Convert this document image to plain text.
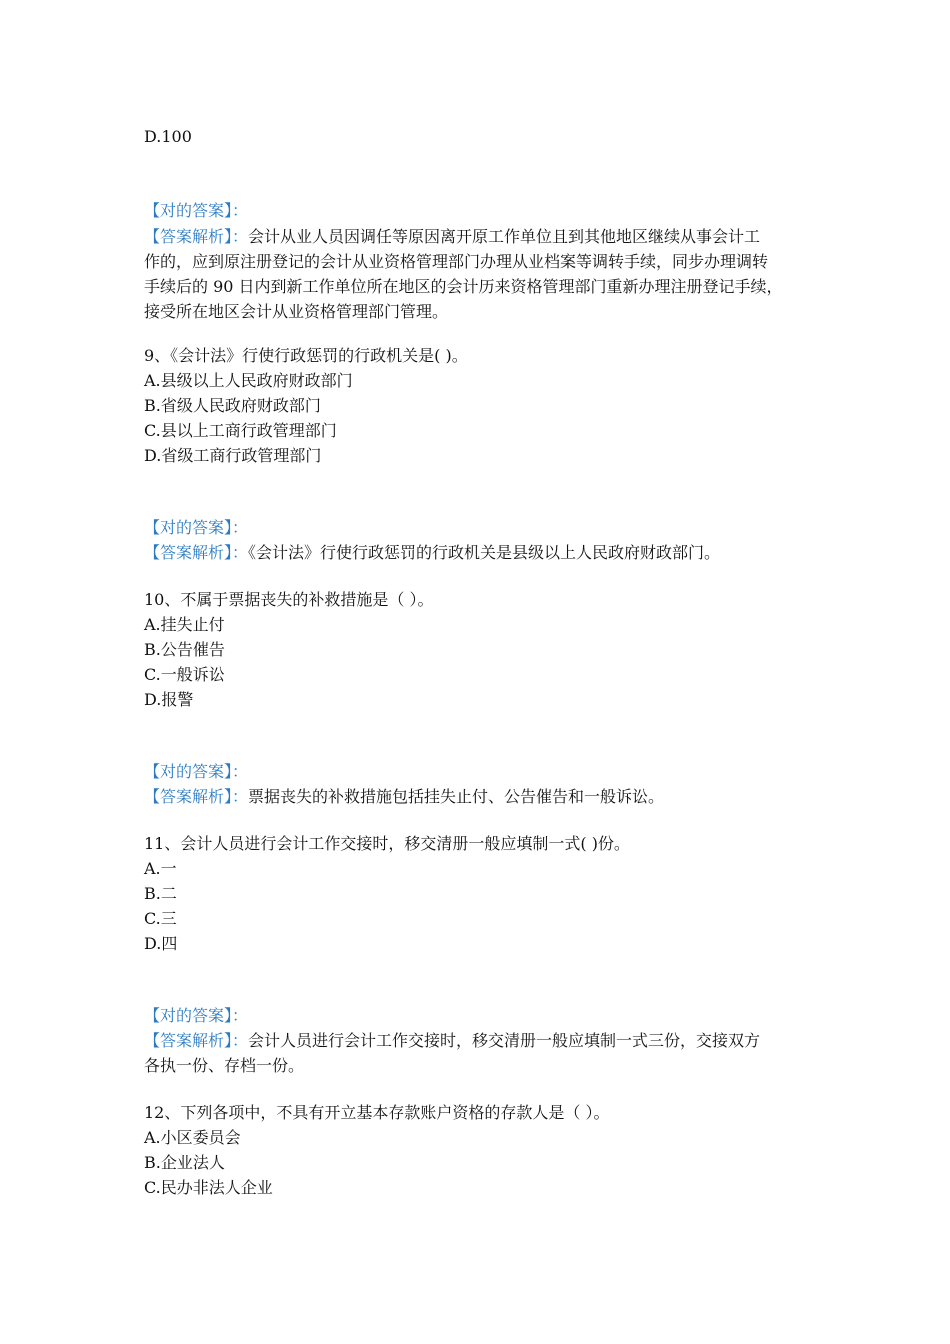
D.100
【对的答案】：
【答案解析】：会计从业人员因调任等原因离开原工作单位且到其他地区继续从事会计工
作的，应到原注册登记的会计从业资格管理部门办理从业档案等调转手续，同步办理调转
手续后的 90 日内到新工作单位所在地区的会计历来资格管理部门重新办理注册登记手续，
接受所在地区会计从业资格管理部门管理。
9、《会计法》行使行政惩罚的行政机关是( )。
A.县级以上人民政府财政部门
B.省级人民政府财政部门
C.县以上工商行政管理部门
D.省级工商行政管理部门
【对的答案】：
【答案解析】：《会计法》行使行政惩罚的行政机关是县级以上人民政府财政部门。
10、不属于票据丧失的补救措施是（ ）。
A.挂失止付
B.公告催告
C.一般诉讼
D.报警
【对的答案】：
【答案解析】：票据丧失的补救措施包括挂失止付、公告催告和一般诉讼。
11、会计人员进行会计工作交接时，移交清册一般应填制一式( )份。
A.一
B.二
C.三
D.四
【对的答案】：
【答案解析】：会计人员进行会计工作交接时，移交清册一般应填制一式三份，交接双方
各执一份、存档一份。
12、下列各项中，不具有开立基本存款账户资格的存款人是（ ）。
A.小区委员会
B.企业法人
C.民办非法人企业
